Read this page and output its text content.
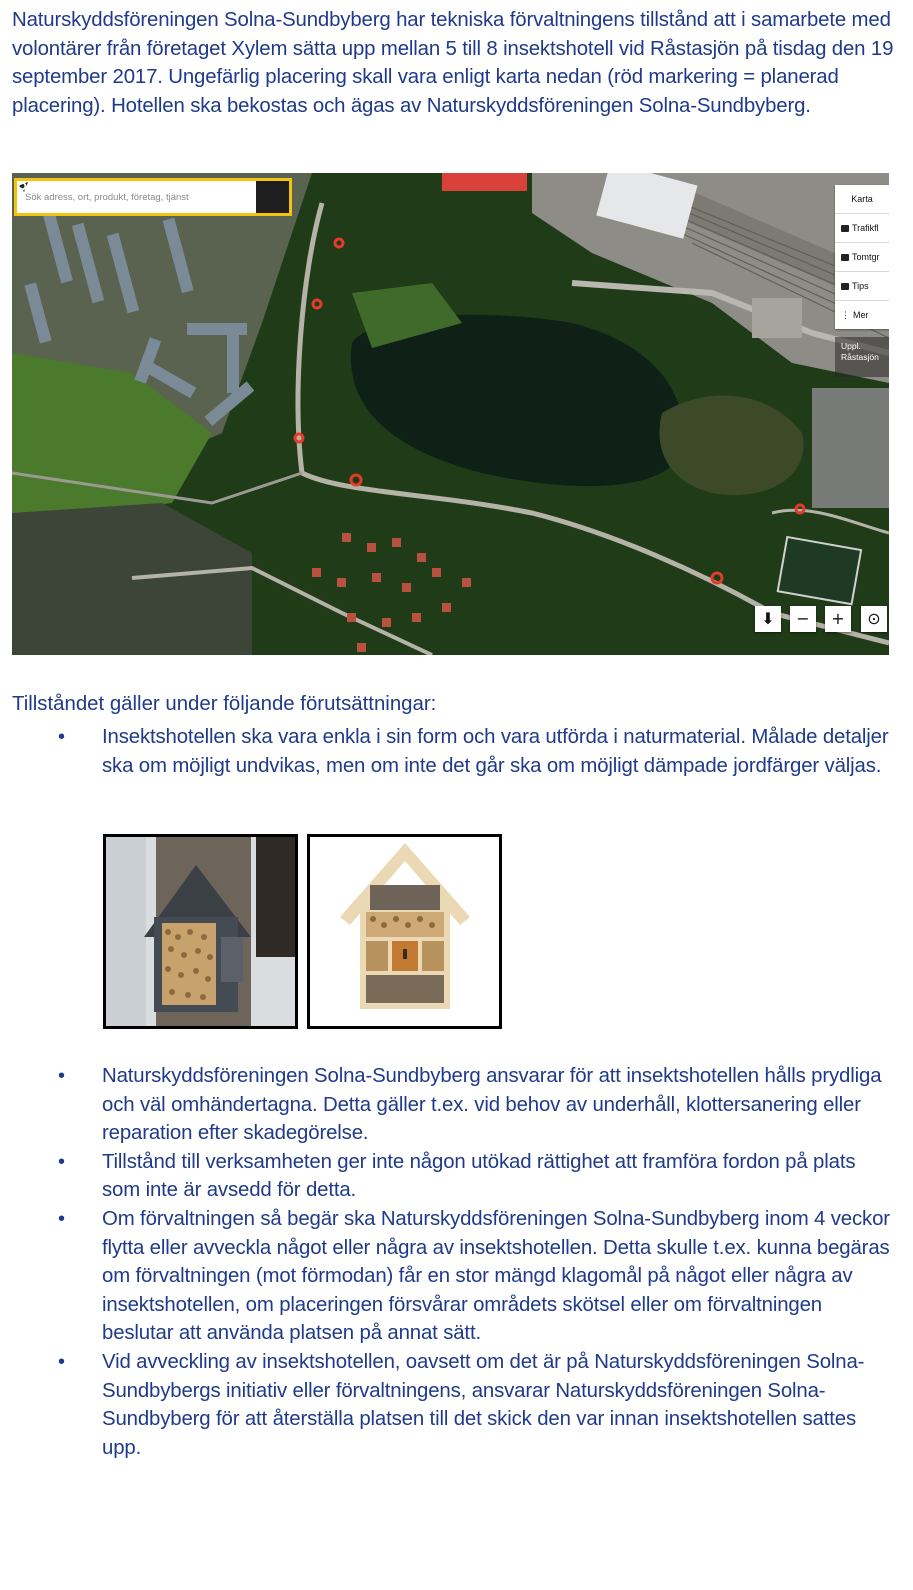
Naturskyddsföreningen Solna-Sundbyberg har tekniska förvaltningens tillstånd att i samarbete med volontärer från företaget Xylem sätta upp mellan 5 till 8 insektshotell vid Råstasjön på tisdag den 19 september 2017. Ungefärlig placering skall vara enligt karta nedan (röd markering = planerad placering). Hotellen ska bekostas och ägas av Naturskyddsföreningen Solna-Sundbyberg.

Sök adress, ort, produkt, företag, tjänst
Karta
Trafikfl
Tomtgr
Tips
⋮ Mer
Uppl.
Råstasjön
⬇	−	+	⊙

Tillståndet gäller under följande förutsättningar:

• Insektshotellen ska vara enkla i sin form och vara utförda i naturmaterial. Målade detaljer ska om möjligt undvikas, men om inte det går ska om möjligt dämpade jordfärger väljas.
• Naturskyddsföreningen Solna-Sundbyberg ansvarar för att insektshotellen hålls prydliga och väl omhändertagna. Detta gäller t.ex. vid behov av underhåll, klottersanering eller reparation efter skadegörelse.
• Tillstånd till verksamheten ger inte någon utökad rättighet att framföra fordon på plats som inte är avsedd för detta.
• Om förvaltningen så begär ska Naturskyddsföreningen Solna-Sundbyberg inom 4 veckor flytta eller avveckla något eller några av insektshotellen. Detta skulle t.ex. kunna begäras om förvaltningen (mot förmodan) får en stor mängd klagomål på något eller några av insektshotellen, om placeringen försvårar områdets skötsel eller om förvaltningen beslutar att använda platsen på annat sätt.
• Vid avveckling av insektshotellen, oavsett om det är på Naturskyddsföreningen Solna-Sundbybergs initiativ eller förvaltningens, ansvarar Naturskyddsföreningen Solna-Sundbyberg för att återställa platsen till det skick den var innan insektshotellen sattes upp.
